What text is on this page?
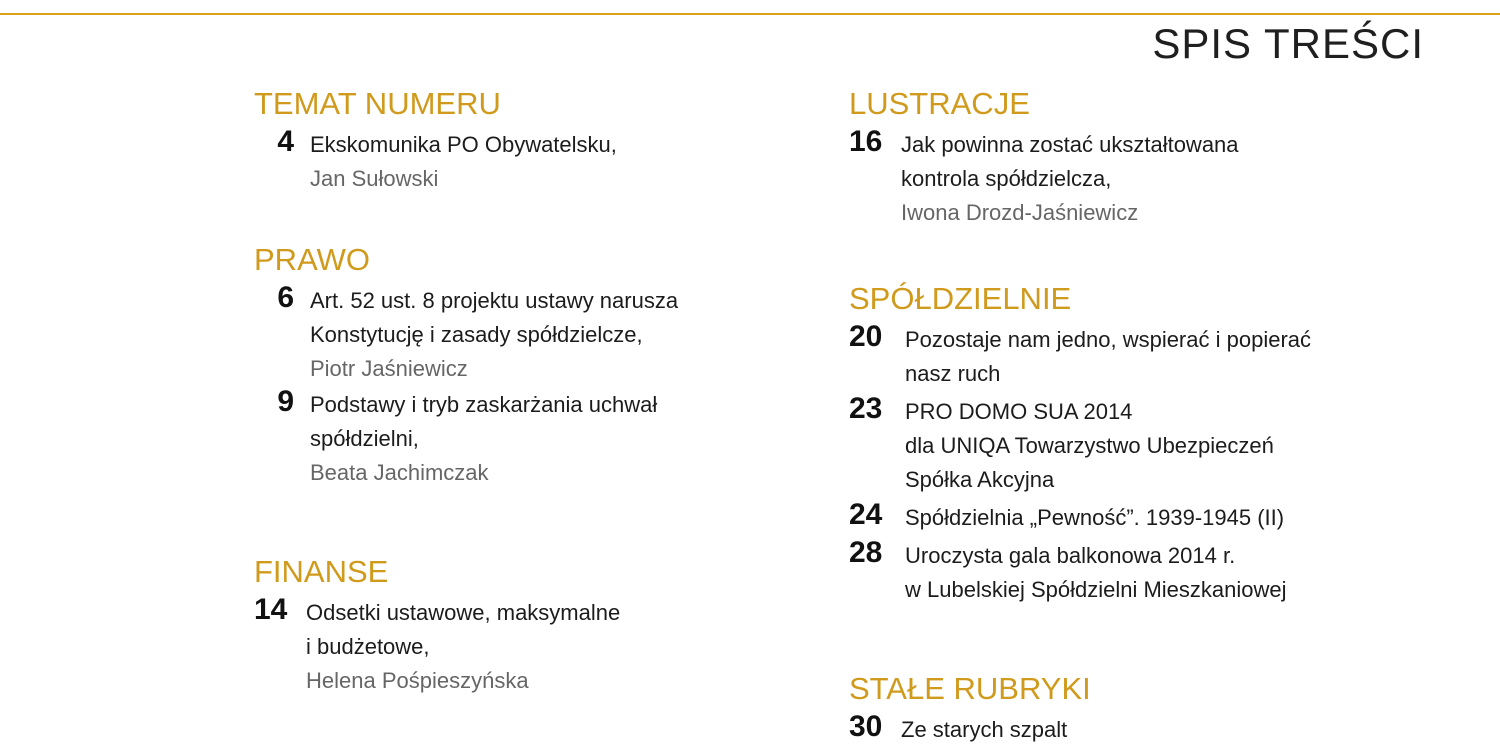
SPIS TREŚCI
TEMAT NUMERU
4 Ekskomunika PO Obywatelsku,
Jan Sułowski
PRAWO
6 Art. 52 ust. 8 projektu ustawy narusza
Konstytucję i zasady spółdzielcze,
Piotr Jaśniewicz
9 Podstawy i tryb zaskarżania uchwał
spółdzielni,
Beata Jachimczak
FINANSE
14 Odsetki ustawowe, maksymalne
i budżetowe,
Helena Pośpieszyńska
LUSTRACJE
16 Jak powinna zostać ukształtowana
kontrola spółdzielcza,
Iwona Drozd-Jaśniewicz
SPÓŁDZIELNIE
20	Pozostaje nam jedno, wspierać i popierać
nasz ruch
23	PRO DOMO SUA 2014
dla UNIQA Towarzystwo Ubezpieczeń
Spółka Akcyjna
24	Spółdzielnia „Pewność”. 1939-1945 (II)
28	Uroczysta gala balkonowa 2014 r.
w Lubelskiej Spółdzielni Mieszkaniowej
STAŁE RUBRYKI
30 Ze starych szpalt
